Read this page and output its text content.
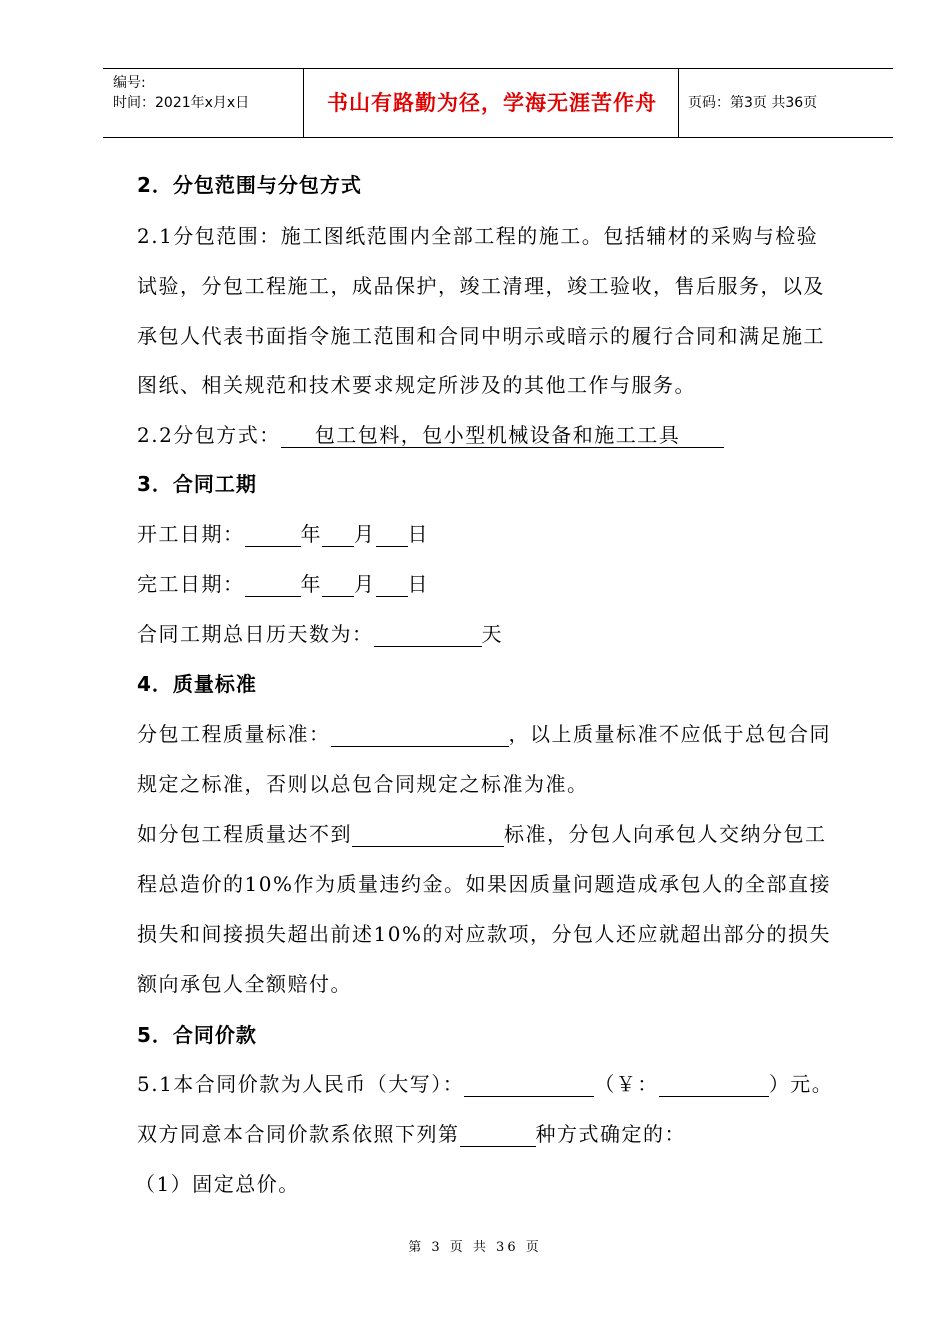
编号:
时间：2021年x月x日	书山有路勤为径，学海无涯苦作舟	页码：第3页 共36页
2．分包范围与分包方式
2.1分包范围：施工图纸范围内全部工程的施工。包括辅材的采购与检验
试验，分包工程施工，成品保护，竣工清理，竣工验收，售后服务，以及
承包人代表书面指令施工范围和合同中明示或暗示的履行合同和满足施工
图纸、相关规范和技术要求规定所涉及的其他工作与服务。
2.2分包方式： 包工包料，包小型机械设备和施工工具
3．合同工期
开工日期：	年 月 日
完工日期：	年 月 日
合同工期总日历天数为：	天
4．质量标准
分包工程质量标准：	，以上质量标准不应低于总包合同
规定之标准，否则以总包合同规定之标准为准。
如分包工程质量达不到	标准，分包人向承包人交纳分包工
程总造价的10%作为质量违约金。如果因质量问题造成承包人的全部直接
损失和间接损失超出前述10%的对应款项，分包人还应就超出部分的损失
额向承包人全额赔付。
5．合同价款
5.1本合同价款为人民币（大写）：	（￥：	）元。
双方同意本合同价款系依照下列第	种方式确定的：
（1）固定总价。
第 3 页 共 36 页
